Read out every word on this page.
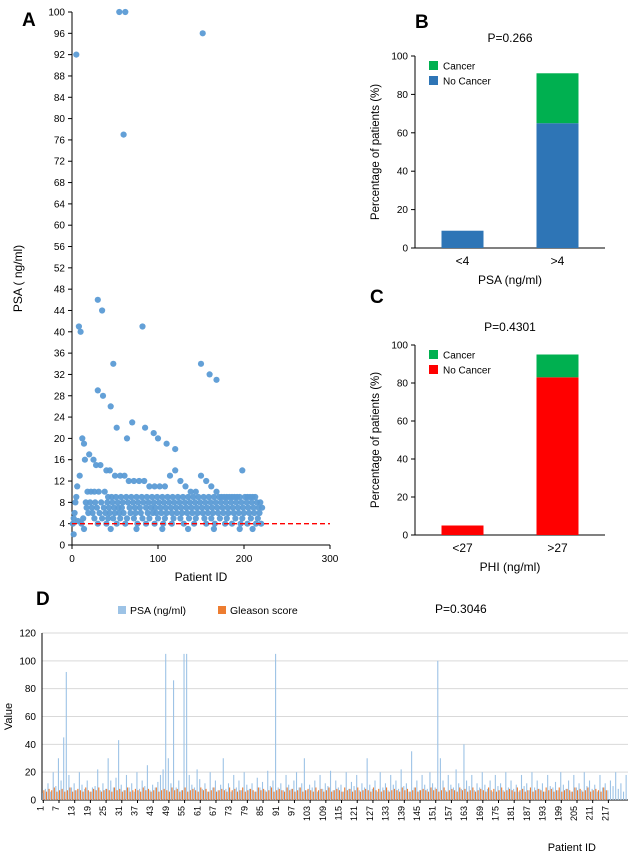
A
0
4
8
12
16
20
24
28
32
36
40
44
48
52
56
60
64
68
72
76
80
84
88
92
96
100
0	100	200	300
Patient ID
PSA ( ng/ml)
B
0
20
40
60
80
100
<4	>4
PSA (ng/ml)
Percentage of patients (%)
P=0.266
Cancer
No Cancer
C
0
20
40
60
80
100
<27	>27
PHI (ng/ml)
Percentage of patients (%)
P=0.4301
Cancer
No Cancer
D
0
20
40
60
80
100
120
1 7 13 19 25 31 37 43 49 55 61 67 73 79 85 91 97 103 109 115 121 127 133 139 145 151 157 163 169 175 181 187 193 199 205 211 217
Value
Patient ID
P=0.3046
PSA (ng/ml)	Gleason score
